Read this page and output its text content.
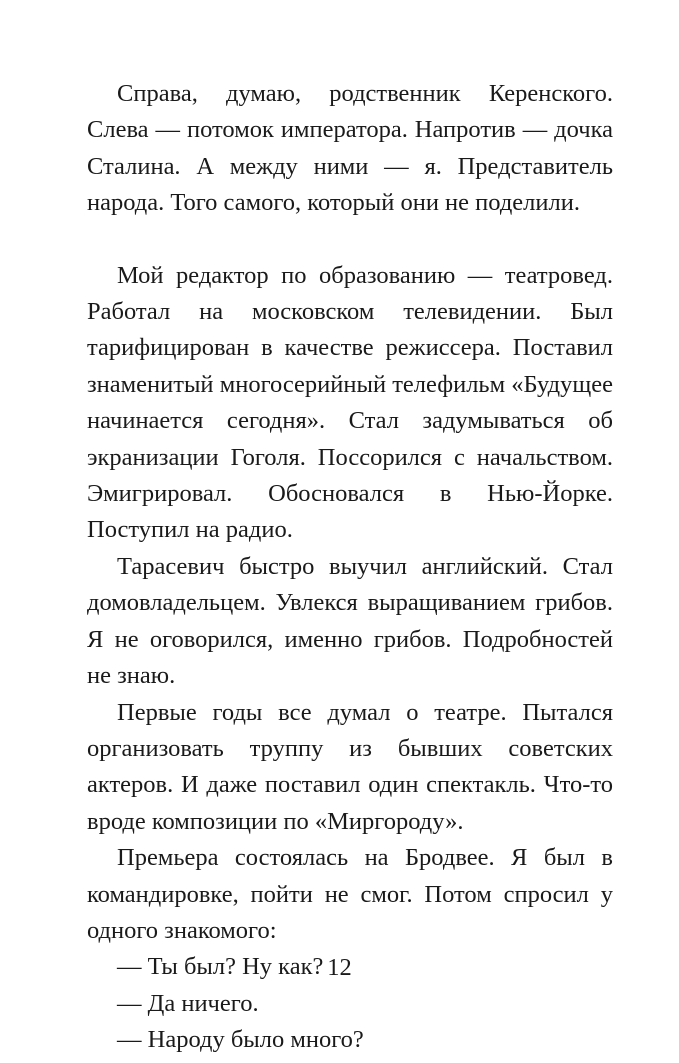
Справа, думаю, родственник Керенского. Слева — потомок императора. Напротив — дочка Сталина. А между ними — я. Представитель народа. Того самого, который они не поделили.

Мой редактор по образованию — театровед. Работал на московском телевидении. Был тарифицирован в качестве режиссера. Поставил знаменитый многосерийный телефильм «Будущее начинается сегодня». Стал задумываться об экранизации Гоголя. Поссорился с начальством. Эмигрировал. Обосновался в Нью-Йорке. Поступил на радио.

Тарасевич быстро выучил английский. Стал домовладельцем. Увлекся выращиванием грибов. Я не оговорился, именно грибов. Подробностей не знаю.

Первые годы все думал о театре. Пытался организовать труппу из бывших советских актеров. И даже поставил один спектакль. Что-то вроде композиции по «Миргороду».

Премьера состоялась на Бродвее. Я был в командировке, пойти не смог. Потом спросил у одного знакомого:

— Ты был? Ну как?

— Да ничего.

— Народу было много?

12
